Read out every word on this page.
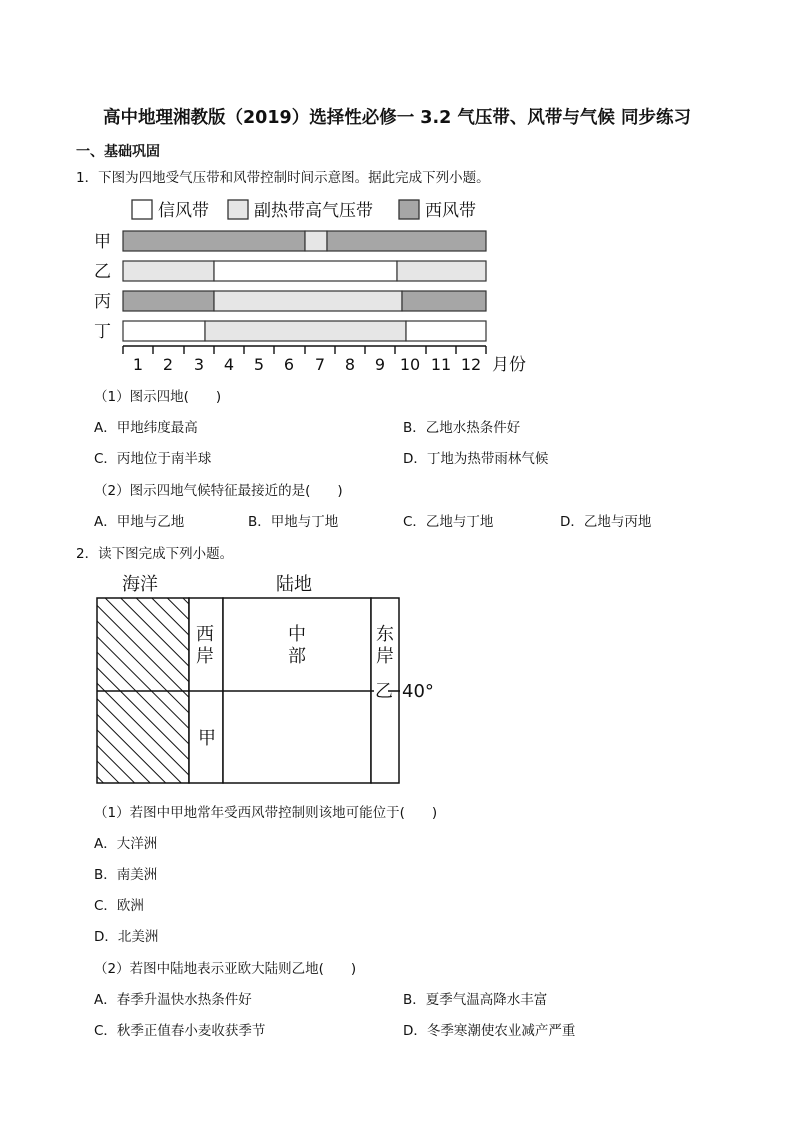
高中地理湘教版（2019）选择性必修一 3.2 气压带、风带与气候 同步练习
一、基础巩固
1．下图为四地受气压带和风带控制时间示意图。据此完成下列小题。
信风带	副热带高气压带	西风带
甲
乙
丙
丁
1 2 3 4 5 6 7 8 9 10 11 12 月份
（1）图示四地(　　)
A．甲地纬度最高	B．乙地水热条件好
C．丙地位于南半球	D．丁地为热带雨林气候
（2）图示四地气候特征最接近的是(　　)
A．甲地与乙地	B．甲地与丁地	C．乙地与丁地	D．乙地与丙地
2．读下图完成下列小题。
海洋	陆地
西
岸
中
部
东
岸
甲
乙 40°
（1）若图中甲地常年受西风带控制则该地可能位于(　　)
A．大洋洲
B．南美洲
C．欧洲
D．北美洲
（2）若图中陆地表示亚欧大陆则乙地(　　)
A．春季升温快水热条件好	B．夏季气温高降水丰富
C．秋季正值春小麦收获季节	D．冬季寒潮使农业减产严重
